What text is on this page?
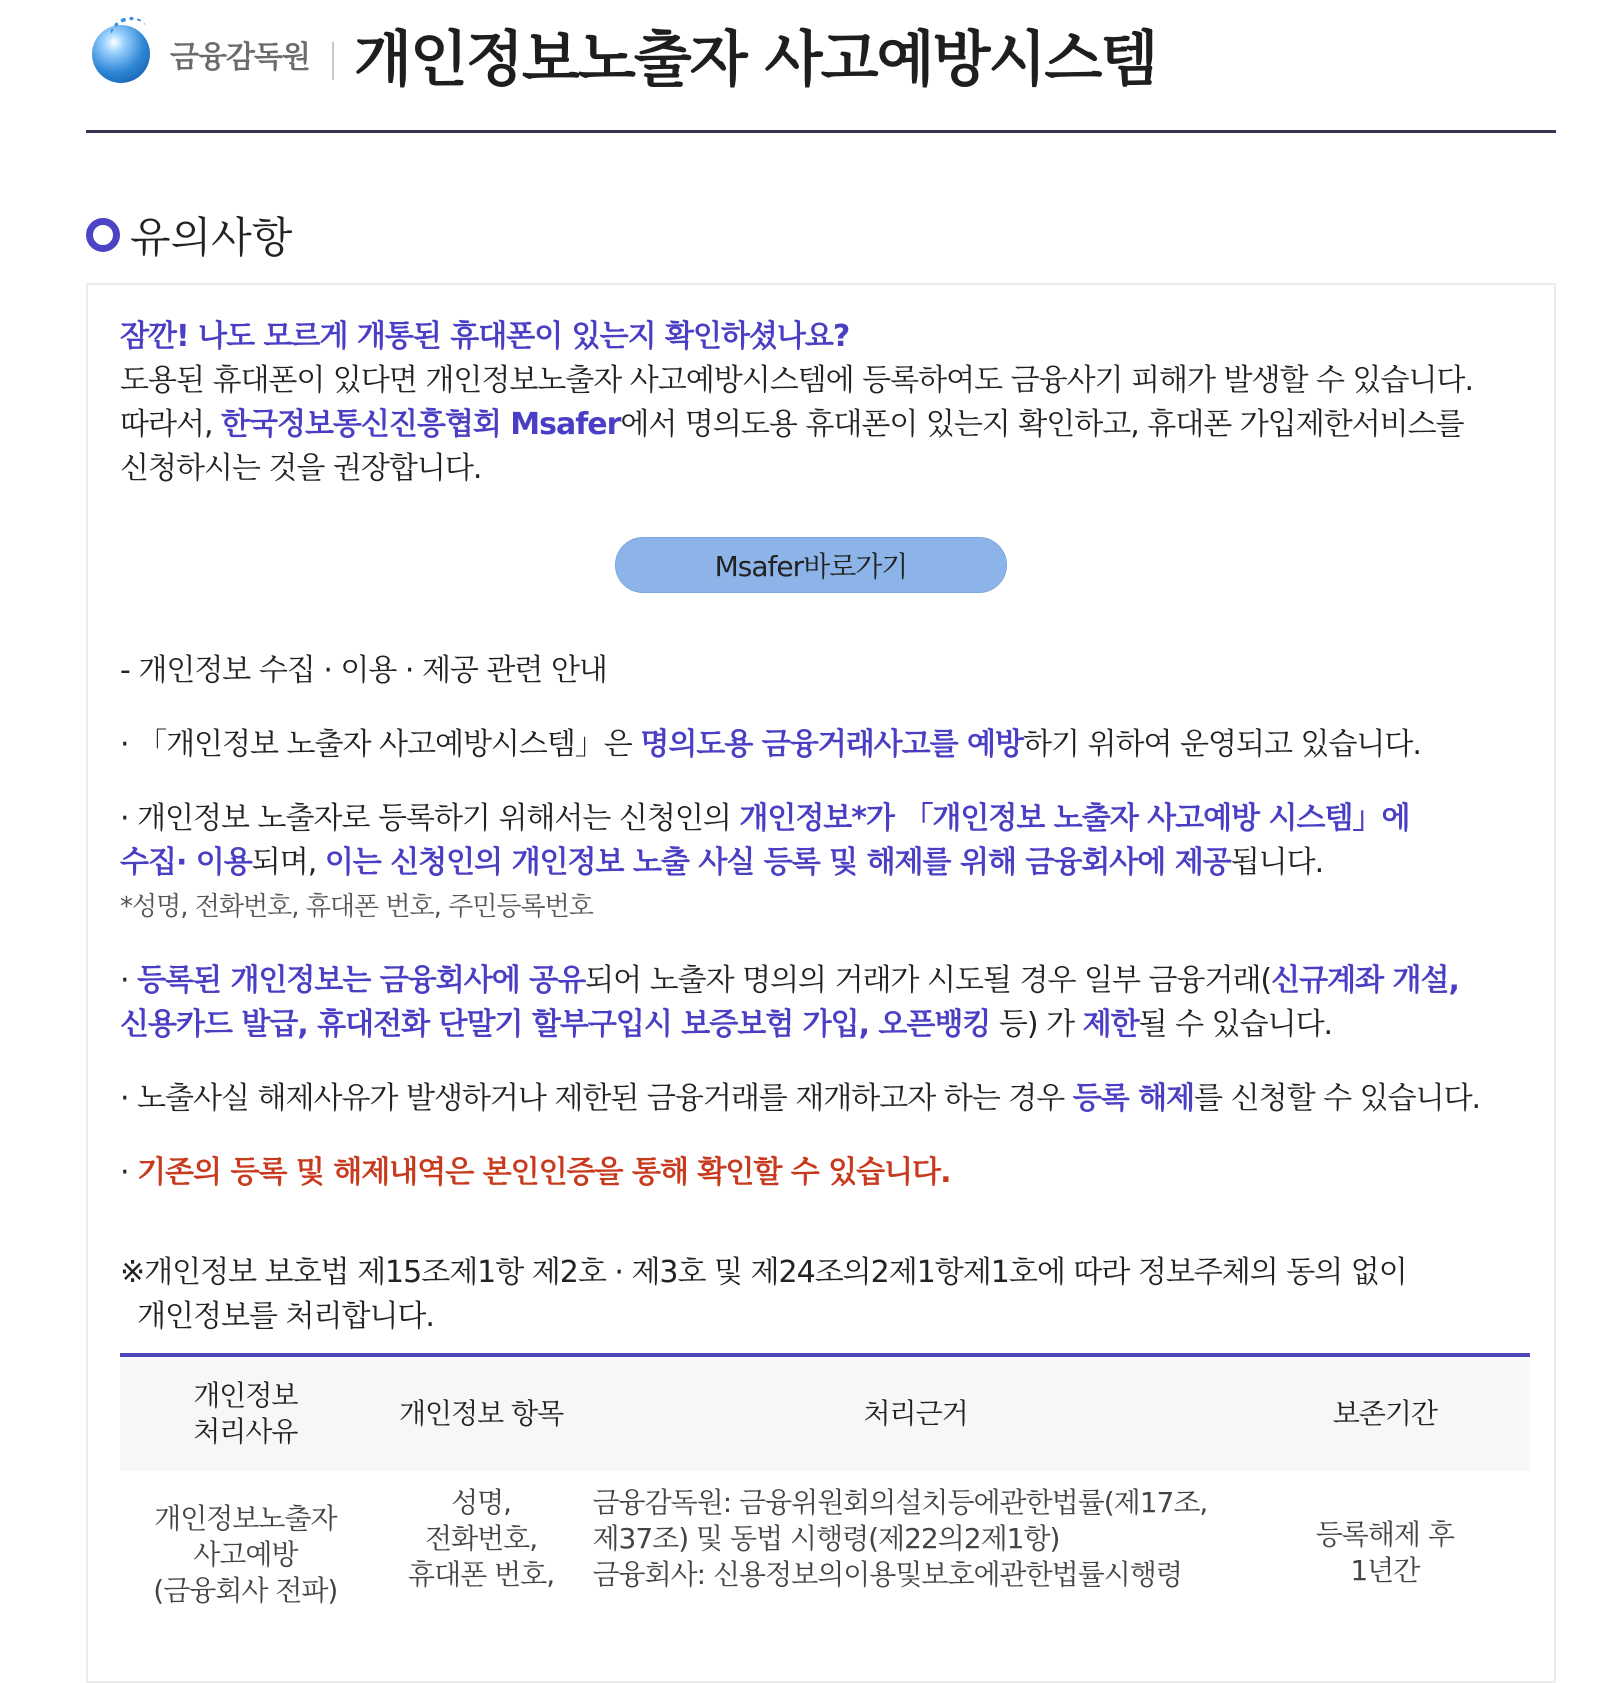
금융감독원 개인정보노출자 사고예방시스템
유의사항

잠깐! 나도 모르게 개통된 휴대폰이 있는지 확인하셨나요?

도용된 휴대폰이 있다면 개인정보노출자 사고예방시스템에 등록하여도 금융사기 피해가 발생할 수 있습니다.

따라서, 한국정보통신진흥협회 Msafer에서 명의도용 휴대폰이 있는지 확인하고, 휴대폰 가입제한서비스를

신청하시는 것을 권장합니다.

Msafer바로가기

- 개인정보 수집 · 이용 · 제공 관련 안내

· 「개인정보 노출자 사고예방시스템」은 명의도용 금융거래사고를 예방하기 위하여 운영되고 있습니다.

· 개인정보 노출자로 등록하기 위해서는 신청인의 개인정보*가 「개인정보 노출자 사고예방 시스템」에
수집· 이용되며, 이는 신청인의 개인정보 노출 사실 등록 및 해제를 위해 금융회사에 제공됩니다.

*성명, 전화번호, 휴대폰 번호, 주민등록번호

· 등록된 개인정보는 금융회사에 공유되어 노출자 명의의 거래가 시도될 경우 일부 금융거래(신규계좌 개설,
신용카드 발급, 휴대전화 단말기 할부구입시 보증보험 가입, 오픈뱅킹 등) 가 제한될 수 있습니다.

· 노출사실 해제사유가 발생하거나 제한된 금융거래를 재개하고자 하는 경우 등록 해제를 신청할 수 있습니다.

· 기존의 등록 및 해제내역은 본인인증을 통해 확인할 수 있습니다.

※개인정보 보호법 제15조제1항 제2호 · 제3호 및 제24조의2제1항제1호에 따라 정보주체의 동의 없이

개인정보를 처리합니다.

개인정보
처리사유	개인정보 항목	처리근거	보존기간
개인정보노출자
사고예방
(금융회사 전파)	성명,
전화번호,
휴대폰 번호,	금융감독원: 금융위원회의설치등에관한법률(제17조,
제37조) 및 동법 시행령(제22의2제1항)
금융회사: 신용정보의이용및보호에관한법률시행령	등록해제 후
1년간
